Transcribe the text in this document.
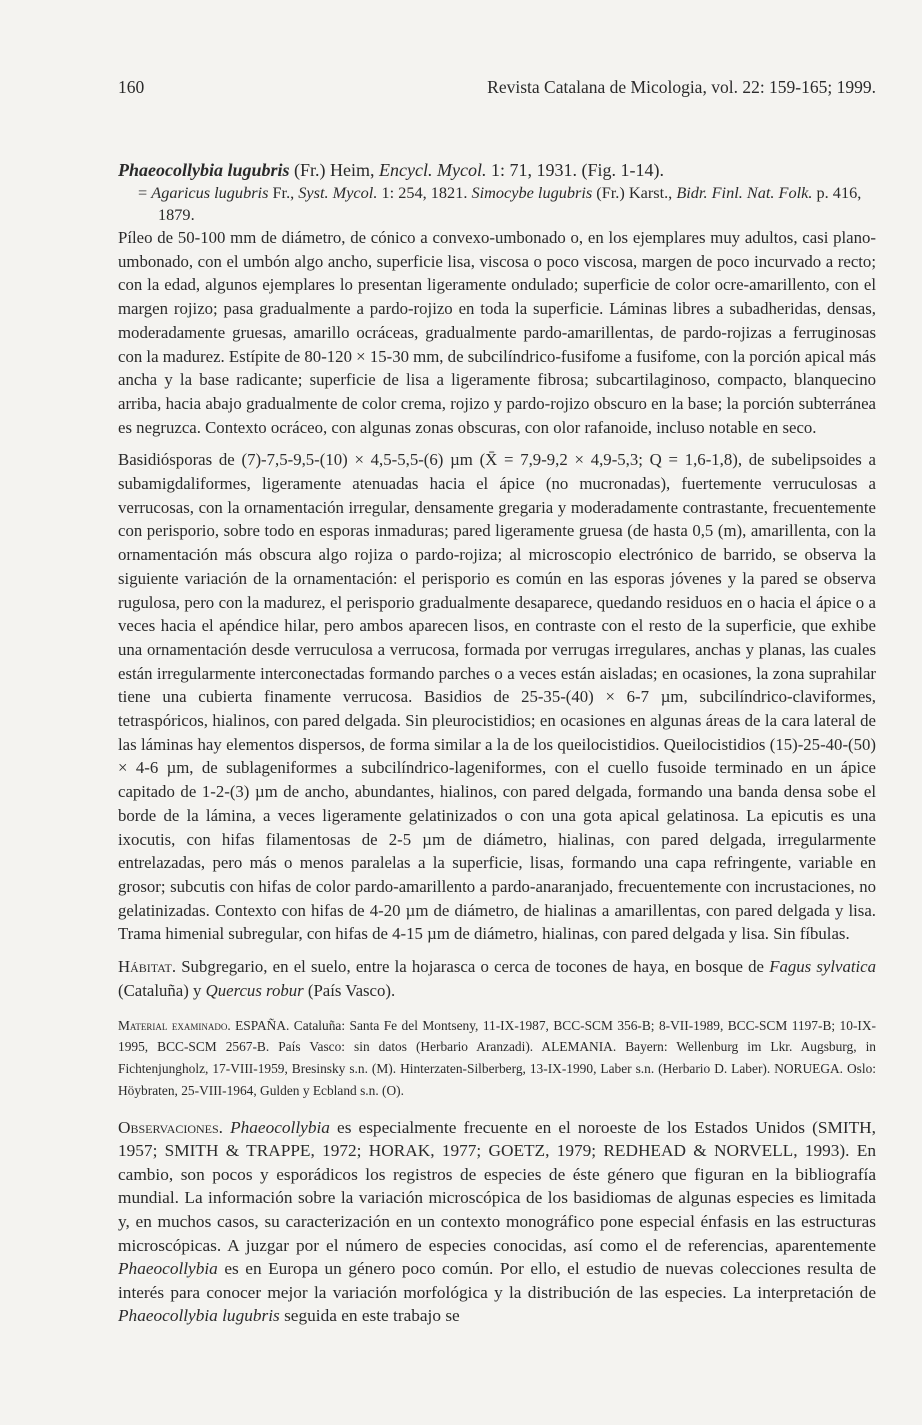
160	Revista Catalana de Micologia, vol. 22: 159-165; 1999.

Phaeocollybia lugubris (Fr.) Heim, Encycl. Mycol. 1: 71, 1931. (Fig. 1-14).

= Agaricus lugubris Fr., Syst. Mycol. 1: 254, 1821. Simocybe lugubris (Fr.) Karst., Bidr. Finl. Nat. Folk. p. 416, 1879.

Píleo de 50-100 mm de diámetro, de cónico a convexo-umbonado o, en los ejemplares muy adultos, casi plano-umbonado, con el umbón algo ancho, superficie lisa, viscosa o poco viscosa, margen de poco incurvado a recto; con la edad, algunos ejemplares lo presentan ligeramente ondulado; superficie de color ocre-amarillento, con el margen rojizo; pasa gradualmente a pardo-rojizo en toda la superficie. Láminas libres a subadheridas, densas, moderadamente gruesas, amarillo ocráceas, gradualmente pardo-amarillentas, de pardo-rojizas a ferruginosas con la madurez. Estípite de 80-120 × 15-30 mm, de subcilíndrico-fusifome a fusifome, con la porción apical más ancha y la base radicante; superficie de lisa a ligeramente fibrosa; subcartilaginoso, compacto, blanquecino arriba, hacia abajo gradualmente de color crema, rojizo y pardo-rojizo obscuro en la base; la porción subterránea es negruzca. Contexto ocráceo, con algunas zonas obscuras, con olor rafanoide, incluso notable en seco.

Basidiósporas de (7)-7,5-9,5-(10) × 4,5-5,5-(6) µm (X̄ = 7,9-9,2 × 4,9-5,3; Q = 1,6-1,8), de subelipsoides a subamigdaliformes, ligeramente atenuadas hacia el ápice (no mucronadas), fuertemente verruculosas a verrucosas, con la ornamentación irregular, densamente gregaria y moderadamente contrastante, frecuentemente con perisporio, sobre todo en esporas inmaduras; pared ligeramente gruesa (de hasta 0,5 (m), amarillenta, con la ornamentación más obscura algo rojiza o pardo-rojiza; al microscopio electrónico de barrido, se observa la siguiente variación de la ornamentación: el perisporio es común en las esporas jóvenes y la pared se observa rugulosa, pero con la madurez, el perisporio gradualmente desaparece, quedando residuos en o hacia el ápice o a veces hacia el apéndice hilar, pero ambos aparecen lisos, en contraste con el resto de la superficie, que exhibe una ornamentación desde verruculosa a verrucosa, formada por verrugas irregulares, anchas y planas, las cuales están irregularmente interconectadas formando parches o a veces están aisladas; en ocasiones, la zona suprahilar tiene una cubierta finamente verrucosa. Basidios de 25-35-(40) × 6-7 µm, subcilíndrico-claviformes, tetraspóricos, hialinos, con pared delgada. Sin pleurocistidios; en ocasiones en algunas áreas de la cara lateral de las láminas hay elementos dispersos, de forma similar a la de los queilocistidios. Queilocistidios (15)-25-40-(50) × 4-6 µm, de sublageniformes a subcilíndrico-lageniformes, con el cuello fusoide terminado en un ápice capitado de 1-2-(3) µm de ancho, abundantes, hialinos, con pared delgada, formando una banda densa sobe el borde de la lámina, a veces ligeramente gelatinizados o con una gota apical gelatinosa. La epicutis es una ixocutis, con hifas filamentosas de 2-5 µm de diámetro, hialinas, con pared delgada, irregularmente entrelazadas, pero más o menos paralelas a la superficie, lisas, formando una capa refringente, variable en grosor; subcutis con hifas de color pardo-amarillento a pardo-anaranjado, frecuentemente con incrustaciones, no gelatinizadas. Contexto con hifas de 4-20 µm de diámetro, de hialinas a amarillentas, con pared delgada y lisa. Trama himenial subregular, con hifas de 4-15 µm de diámetro, hialinas, con pared delgada y lisa. Sin fíbulas.

Hábitat. Subgregario, en el suelo, entre la hojarasca o cerca de tocones de haya, en bosque de Fagus sylvatica (Cataluña) y Quercus robur (País Vasco).

Material examinado. ESPAÑA. Cataluña: Santa Fe del Montseny, 11-IX-1987, BCC-SCM 356-B; 8-VII-1989, BCC-SCM 1197-B; 10-IX-1995, BCC-SCM 2567-B. País Vasco: sin datos (Herbario Aranzadi). ALEMANIA. Bayern: Wellenburg im Lkr. Augsburg, in Fichtenjungholz, 17-VIII-1959, Bresinsky s.n. (M). Hinterzaten-Silberberg, 13-IX-1990, Laber s.n. (Herbario D. Laber). NORUEGA. Oslo: Höybraten, 25-VIII-1964, Gulden y Ecbland s.n. (O).

Observaciones. Phaeocollybia es especialmente frecuente en el noroeste de los Estados Unidos (SMITH, 1957; SMITH & TRAPPE, 1972; HORAK, 1977; GOETZ, 1979; REDHEAD & NORVELL, 1993). En cambio, son pocos y esporádicos los registros de especies de éste género que figuran en la bibliografía mundial. La información sobre la variación microscópica de los basidiomas de algunas especies es limitada y, en muchos casos, su caracterización en un contexto monográfico pone especial énfasis en las estructuras microscópicas. A juzgar por el número de especies conocidas, así como el de referencias, aparentemente Phaeocollybia es en Europa un género poco común. Por ello, el estudio de nuevas colecciones resulta de interés para conocer mejor la variación morfológica y la distribución de las especies. La interpretación de Phaeocollybia lugubris seguida en este trabajo se
